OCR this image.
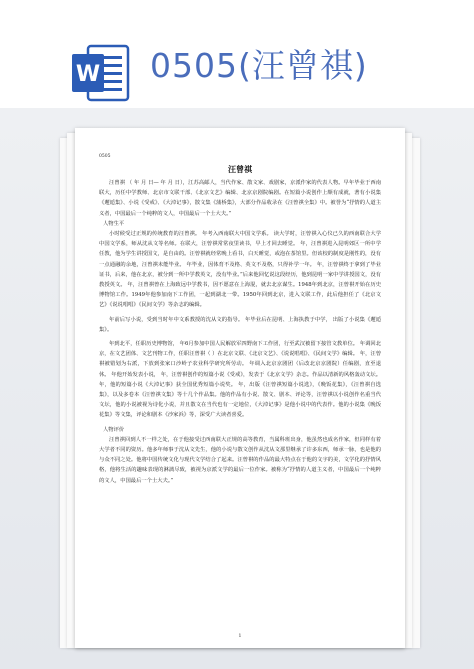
W 0505(汪曾祺)
0505
汪曾祺

汪曾祺 （ 年 月 日— 年 月 日），江苏高邮人，当代作家、散文家、戏剧家，京派作家的代表人物。早年毕业于西南联大，历任中学教师、北京市文联干部、《北京文艺》编辑、北京京剧院编剧。在短篇小说创作上颇有成就，著有小说集《邂逅集》、小说《受戒》、《大淖记事》，散文集《蒲桥集》，大部分作品收录在《汪曾祺全集》中。被誉为“抒情的人道主义者，中国最后一个纯粹的文人，中国最后一个士大夫。”

人物生平

小时候受过正规的传统教育的汪曾祺。 年考入西南联大中国文学系。 读大学时，汪曾祺入心仪已久的西南联合大学中国文学系，师从沈从文等名师。在联大，汪曾祺常常夜里读书，早上才回去睡觉。 年，汪曾祺进入昆明郊区一所中学任教，他为学生讲授国文，是自由的。汪曾祺就经常晚上看书，白天睡觉，或泡在茶馆里。但该校的制度是刚性的，没有一点通融的余地，汪曾祺未能毕业。 年毕业，因体育不及格、英文不及格，只得补学一年。 年，汪曾祺终于拿到了毕业证书，后来，他在北京，被分到一所中学教英文，没有毕业。”后来他回忆说这段经历，他到昆明一家中学讲授国文，没有教授英文。 年，汪曾祺曾在上海致远中学教书，因不愿意在上海混，就去北京谋生。1948年到北京，汪曾祺开始在历史博物馆工作。1949年他参加南下工作团，一起到湖北一带。1950年回到北京，进入文联工作，此后他担任了《北京文艺》《说说唱唱》《民间文学》等杂志的编辑。

年前后写小说，受到当时年中文系教授的沈从文的指导。 年毕业后在昆明、上海执教于中学， 出版了小说集《邂逅集》。

年到北平，任职历史博物馆， 年6月参加中国人民解放军四野南下工作团，行至武汉被留下接管文教单位。 年调回北京，在文艺团体、文艺刊物工作，任职汪曾祺（ ）在北京文联、《北京文艺》、《说说唱唱》、《民间文学》编辑。 年，汪曾祺被错划为右派，下放到张家口沙岭子农业科学研究所劳动。 年调入北京京剧团（后改北京京剧院）任编剧，直至退休。 年他开始发表小说， 年，汪曾祺创作的短篇小说《受戒》，发表于《北京文学》杂志。作品以清新的风格轰动文坛。 年，他的短篇小说《大淖记事》获全国优秀短篇小说奖。 年，出版《汪曾祺短篇小说选》，《晚饭花集》，《汪曾祺自选集》，以及多卷本《汪曾祺文集》等十几个作品集。他的作品有小说、散文、剧本、评论等，汪曾祺以小说创作名重当代文坛，他的小说被视为诗化小说，并且散文在当代也有一定地位，《大淖记事》是他小说中的代表作。他的小说集《晚饭花集》等文集，评论和剧本《沙家浜》等，深受广大读者喜爱。

人物评价

汪曾祺回到人不一样之处，在于他接受过西南联大正规的高等教育，当属科班出身，他虽然也成名作家，但同样有着大学者不同的资历。他多年师事于沈从文先生，他的小说与散文创作从沈从文那里继承了许多东西，师承一脉，也是他的与众不同之处。他将中国传统文化与现代文学结合了起来。汪曾祺的作品的最大特点在于他的文字的美，文学化的抒情风格，他将生活的趣味表现的淋漓尽致，被视为京派文学的最后一位作家。被称为“抒情的人道主义者，中国最后一个纯粹的文人，中国最后一个士大夫。”

1
